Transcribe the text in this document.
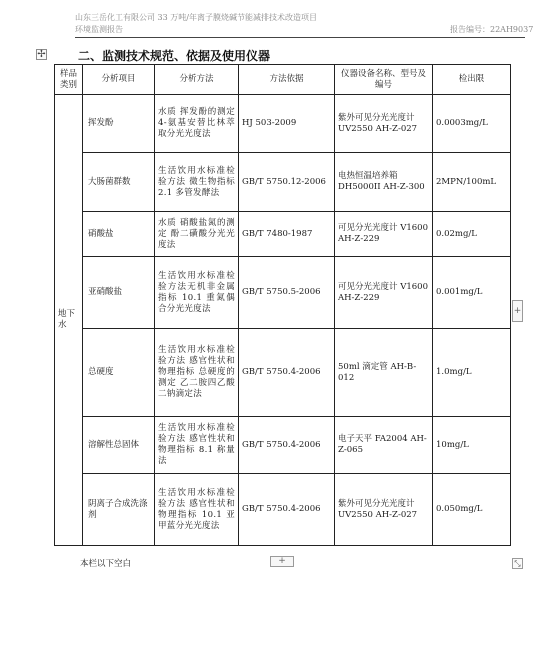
山东三岳化工有限公司 33 万吨/年离子膜烧碱节能减排技术改造项目
环境监测报告	报告编号：22AH9037
✢	二、监测技术规范、依据及使用仪器
样品类别	分析项目	分析方法	方法依据	仪器设备名称、型号及编号	检出限
地下水	挥发酚	水质 挥发酚的测定 4-氨基安替比林萃取分光光度法	HJ 503-2009	紫外可见分光光度计 UV2550 AH-Z-027	0.0003mg/L
	大肠菌群数	生活饮用水标准检验方法 微生物指标 2.1 多管发酵法	GB/T 5750.12-2006	电热恒温培养箱 DH5000II AH-Z-300	2MPN/100mL
	硝酸盐	水质 硝酸盐氮的测定 酚二磺酸分光光度法	GB/T 7480-1987	可见分光光度计 V1600 AH-Z-229	0.02mg/L
	亚硝酸盐	生活饮用水标准检验方法无机非金属指标 10.1 重氮偶合分光光度法	GB/T 5750.5-2006	可见分光光度计 V1600 AH-Z-229	0.001mg/L
	总硬度	生活饮用水标准检验方法 感官性状和物理指标 总硬度的测定 乙二胺四乙酸二钠滴定法	GB/T 5750.4-2006	50ml 滴定管 AH-B-012	1.0mg/L
	溶解性总固体	生活饮用水标准检验方法 感官性状和物理指标 8.1 称量法	GB/T 5750.4-2006	电子天平 FA2004 AH-Z-065	10mg/L
	阴离子合成洗涤剂	生活饮用水标准检验方法 感官性状和物理指标 10.1 亚甲蓝分光光度法	GB/T 5750.4-2006	紫外可见分光光度计 UV2550 AH-Z-027	0.050mg/L
本栏以下空白	+
+
⤡
